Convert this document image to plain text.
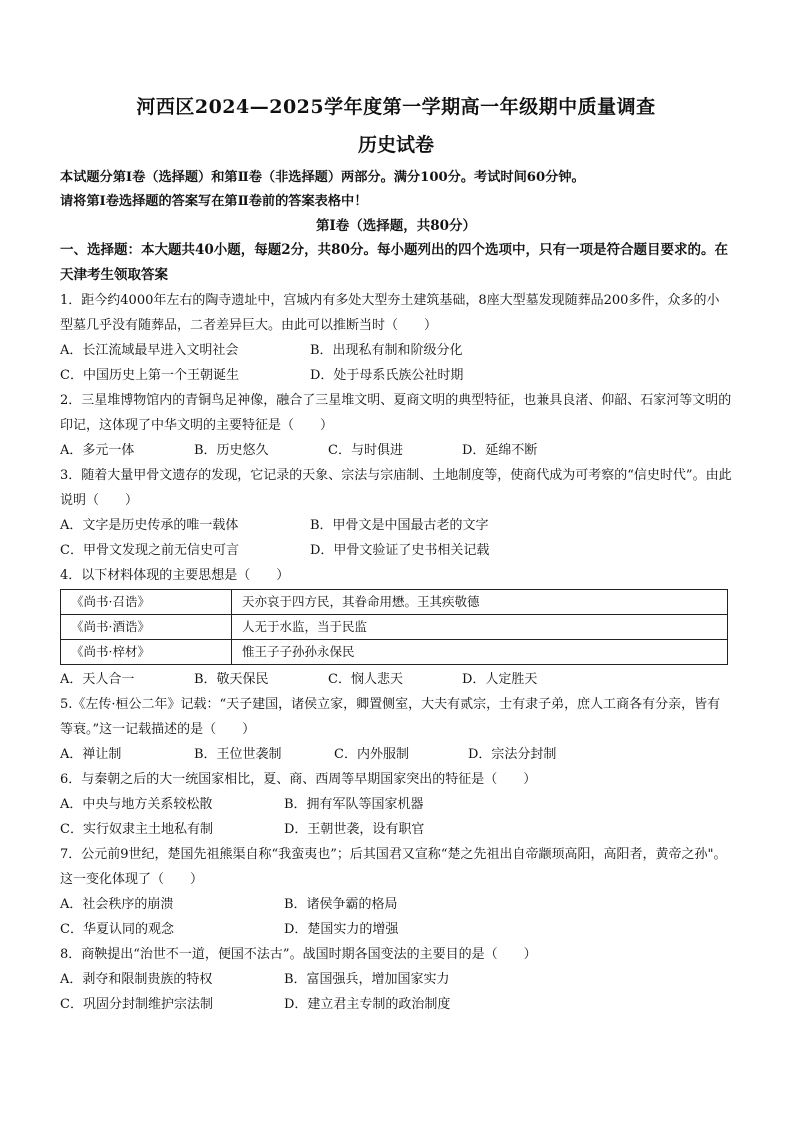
河西区2024—2025学年度第一学期高一年级期中质量调查
历史试卷

本试题分第Ⅰ卷（选择题）和第Ⅱ卷（非选择题）两部分。满分100分。考试时间60分钟。

请将第Ⅰ卷选择题的答案写在第Ⅱ卷前的答案表格中！

第Ⅰ卷（选择题，共80分）

一、选择题：本大题共40小题，每题2分，共80分。每小题列出的四个选项中，只有一项是符合题目要求的。在天津考生领取答案

1．距今约4000年左右的陶寺遗址中，宫城内有多处大型夯土建筑基础，8座大型墓发现随葬品200多件，众多的小型墓几乎没有随葬品，二者差异巨大。由此可以推断当时（　　）

A．长江流域最早进入文明社会	B．出现私有制和阶级分化
C．中国历史上第一个王朝诞生	D．处于母系氏族公社时期

2．三星堆博物馆内的青铜鸟足神像，融合了三星堆文明、夏商文明的典型特征，也兼具良渚、仰韶、石家河等文明的印记，这体现了中华文明的主要特征是（　　）

A．多元一体	B．历史悠久	C．与时俱进	D．延绵不断

3．随着大量甲骨文遗存的发现，它记录的天象、宗法与宗庙制、土地制度等，使商代成为可考察的“信史时代”。由此说明（　　）

A．文字是历史传承的唯一载体	B．甲骨文是中国最古老的文字
C．甲骨文发现之前无信史可言	D．甲骨文验证了史书相关记载

4．以下材料体现的主要思想是（　　）

《尚书·召诰》	天亦哀于四方民，其眷命用懋。王其疾敬德
《尚书·酒诰》	人无于水监，当于民监
《尚书·梓材》	惟王子子孙孙永保民
A．天人合一	B．敬天保民	C．悯人悲天	D．人定胜天

5.《左传·桓公二年》记载：“天子建国，诸侯立家，卿置侧室，大夫有贰宗，士有隶子弟，庶人工商各有分亲，皆有等衰。”这一记载描述的是（　　）

A．禅让制	B．王位世袭制	C．内外服制	D．宗法分封制

6．与秦朝之后的大一统国家相比，夏、商、西周等早期国家突出的特征是（　　）

A．中央与地方关系较松散	B．拥有军队等国家机器
C．实行奴隶主土地私有制	D．王朝世袭，设有职官

7．公元前9世纪，楚国先祖熊渠自称“我蛮夷也”；后其国君又宣称“楚之先祖出自帝颛顼高阳，高阳者，黄帝之孙"。这一变化体现了（　　）

A．社会秩序的崩溃	B．诸侯争霸的格局
C．华夏认同的观念	D．楚国实力的增强

8．商鞅提出“治世不一道，便国不法古”。战国时期各国变法的主要目的是（　　）

A．剥夺和限制贵族的特权	B．富国强兵，增加国家实力
C．巩固分封制维护宗法制	D．建立君主专制的政治制度
